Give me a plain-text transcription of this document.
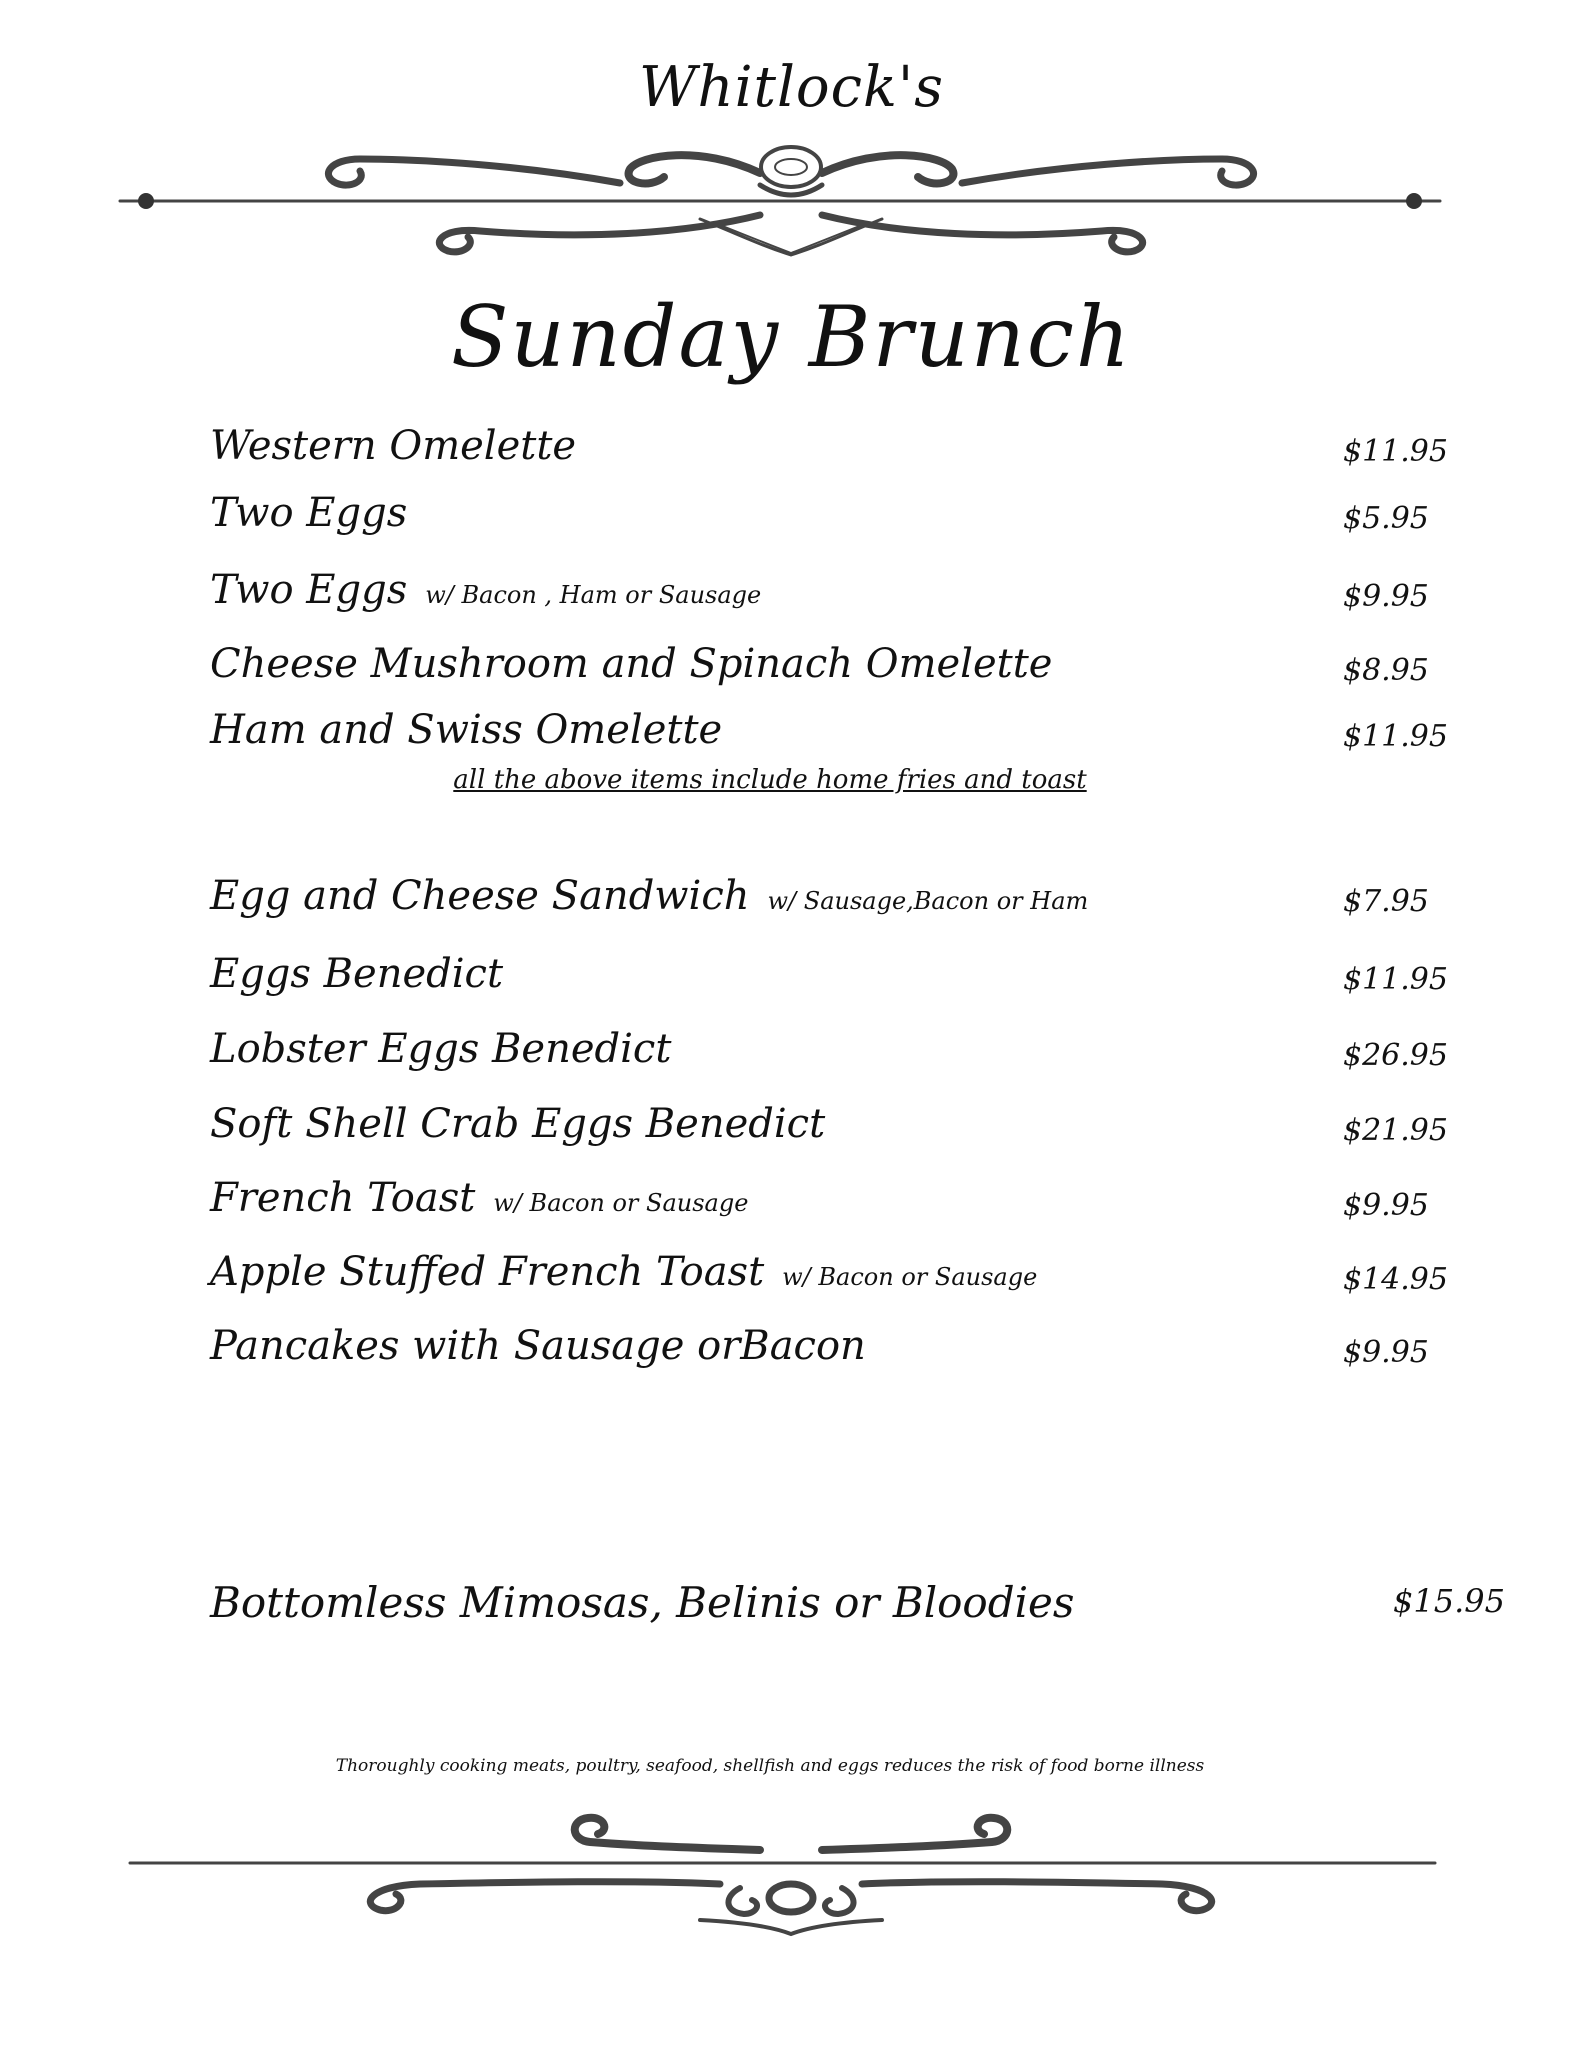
Whitlock's
Sunday Brunch
Western Omelette	$11.95
Two Eggs	$5.95
Two Eggs w/ Bacon , Ham or Sausage	$9.95
Cheese Mushroom and Spinach Omelette	$8.95
Ham and Swiss Omelette	$11.95
all the above items include home fries and toast
Egg and Cheese Sandwich w/ Sausage,Bacon or Ham	$7.95
Eggs Benedict	$11.95
Lobster Eggs Benedict	$26.95
Soft Shell Crab Eggs Benedict	$21.95
French Toast w/ Bacon or Sausage	$9.95
Apple Stuffed French Toast w/ Bacon or Sausage	$14.95
Pancakes with Sausage orBacon	$9.95
Bottomless Mimosas, Belinis or Bloodies	$15.95
Thoroughly cooking meats, poultry, seafood, shellfish and eggs reduces the risk of food borne illness
